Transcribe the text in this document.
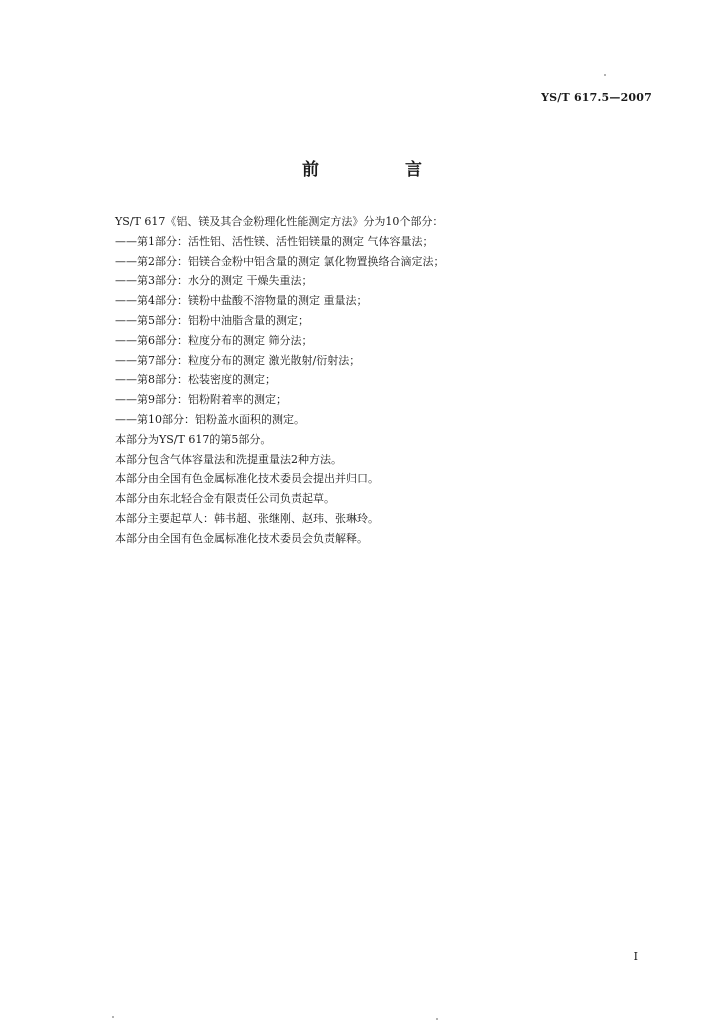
YS/T 617.5—2007
前 言
YS/T 617《铝、镁及其合金粉理化性能测定方法》分为10个部分：
——第1部分：活性铝、活性镁、活性铝镁量的测定 气体容量法；
——第2部分：铝镁合金粉中铝含量的测定 氯化物置换络合滴定法；
——第3部分：水分的测定 干燥失重法；
——第4部分：镁粉中盐酸不溶物量的测定 重量法；
——第5部分：铝粉中油脂含量的测定；
——第6部分：粒度分布的测定 筛分法；
——第7部分：粒度分布的测定 激光散射/衍射法；
——第8部分：松装密度的测定；
——第9部分：铝粉附着率的测定；
——第10部分：铝粉盖水面积的测定。
本部分为YS/T 617的第5部分。
本部分包含气体容量法和洗提重量法2种方法。
本部分由全国有色金属标准化技术委员会提出并归口。
本部分由东北轻合金有限责任公司负责起草。
本部分主要起草人：韩书超、张继刚、赵玮、张琳玲。
本部分由全国有色金属标准化技术委员会负责解释。
I
